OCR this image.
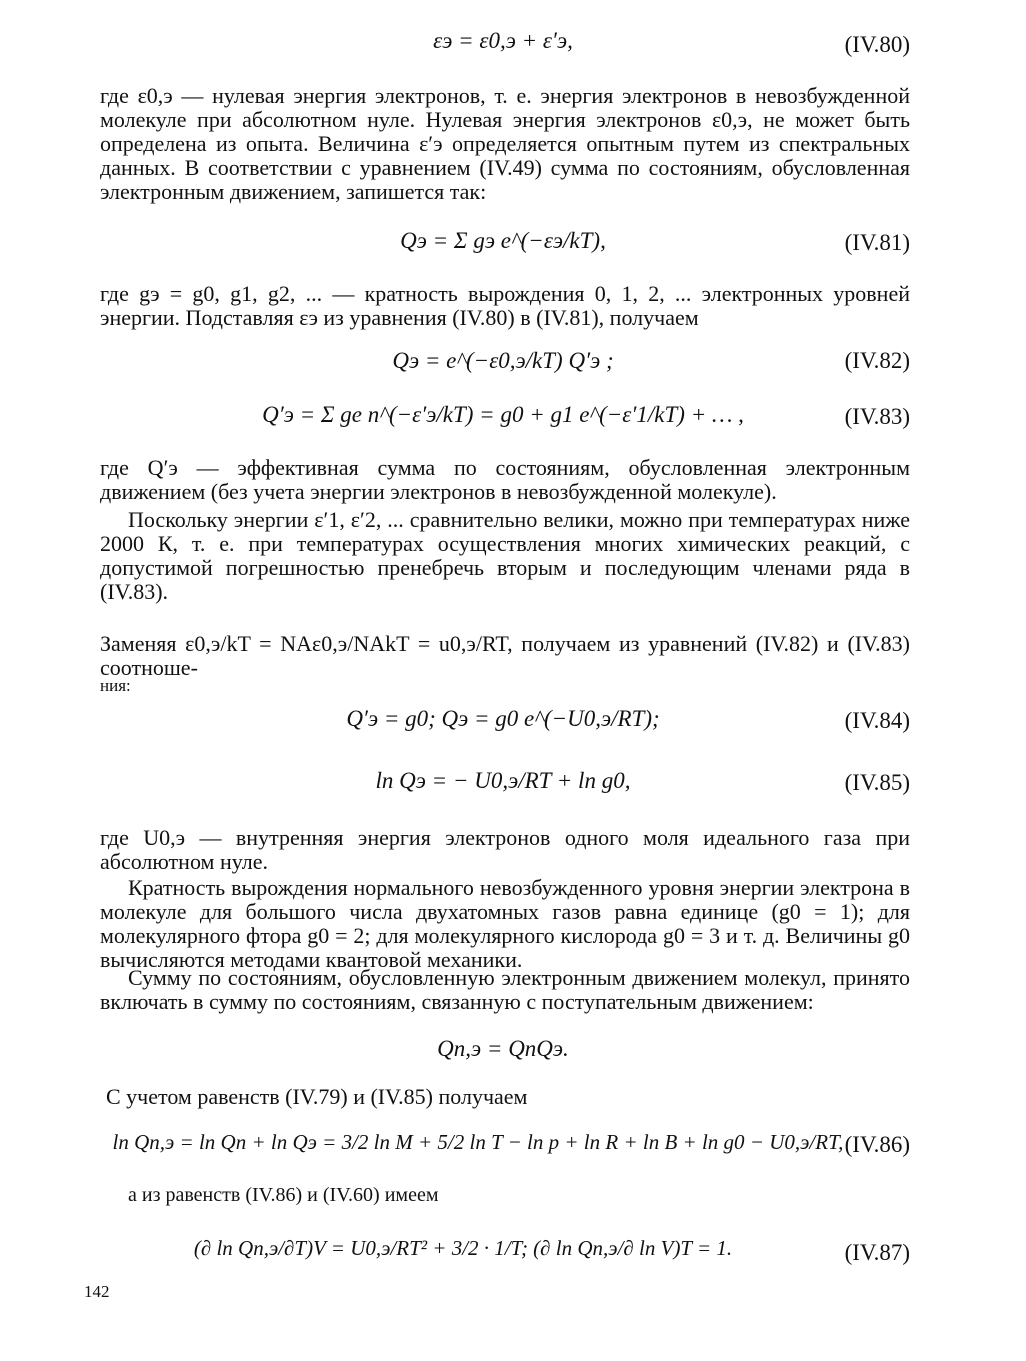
εэ = ε0,э + ε′э,	(IV.80)
где ε0,э — нулевая энергия электронов, т. е. энергия электронов в невозбужденной молекуле при абсолютном нуле. Нулевая энергия электронов ε0,э, не может быть определена из опыта. Величина ε′э определяется опытным путем из спектральных данных. В соответствии с уравнением (IV.49) сумма по состояниям, обусловленная электронным движением, запишется так:
Qэ = Σ gэ e^(−εэ/kT),	(IV.81)
где gэ = g0, g1, g2, ... — кратность вырождения 0, 1, 2, ... электронных уровней энергии. Подставляя εэ из уравнения (IV.80) в (IV.81), получаем
Qэ = e^(−ε0,э/kT) Q′э ;	(IV.82)
Q′э = Σ gе n^(−ε′э/kT) = g0 + g1 e^(−ε′1/kT) + … ,	(IV.83)
где Q′э — эффективная сумма по состояниям, обусловленная электронным движением (без учета энергии электронов в невозбужденной молекуле).
Поскольку энергии ε′1, ε′2, ... сравнительно велики, можно при температурах ниже 2000 К, т. е. при температурах осуществления многих химических реакций, с допустимой погрешностью пренебречь вторым и последующим членами ряда в (IV.83).
Заменяя ε0,э/kT = NAε0,э/NAkT = u0,э/RT, получаем из уравнений (IV.82) и (IV.83) соотноше-
ния:
Q′э = g0; Qэ = g0 e^(−U0,э/RT);	(IV.84)
ln Qэ = − U0,э/RT + ln g0,	(IV.85)
где U0,э — внутренняя энергия электронов одного моля идеального газа при абсолютном нуле.
Кратность вырождения нормального невозбужденного уровня энергии электрона в молекуле для большого числа двухатомных газов равна единице (g0 = 1); для молекулярного фтора g0 = 2; для молекулярного кислорода g0 = 3 и т. д. Величины g0 вычисляются методами квантовой механики.
Сумму по состояниям, обусловленную электронным движением молекул, принято включать в сумму по состояниям, связанную с поступательным движением:
Qп,э = QпQэ.
С учетом равенств (IV.79) и (IV.85) получаем
ln Qп,э = ln Qп + ln Qэ = 3/2 ln M + 5/2 ln T − ln p + ln R + ln B + ln g0 − U0,э/RT, (IV.86)
а из равенств (IV.86) и (IV.60) имеем
(∂ ln Qп,э/∂T)V = U0,э/RT² + 3/2 · 1/T; (∂ ln Qп,э/∂ ln V)T = 1.	(IV.87)
142
